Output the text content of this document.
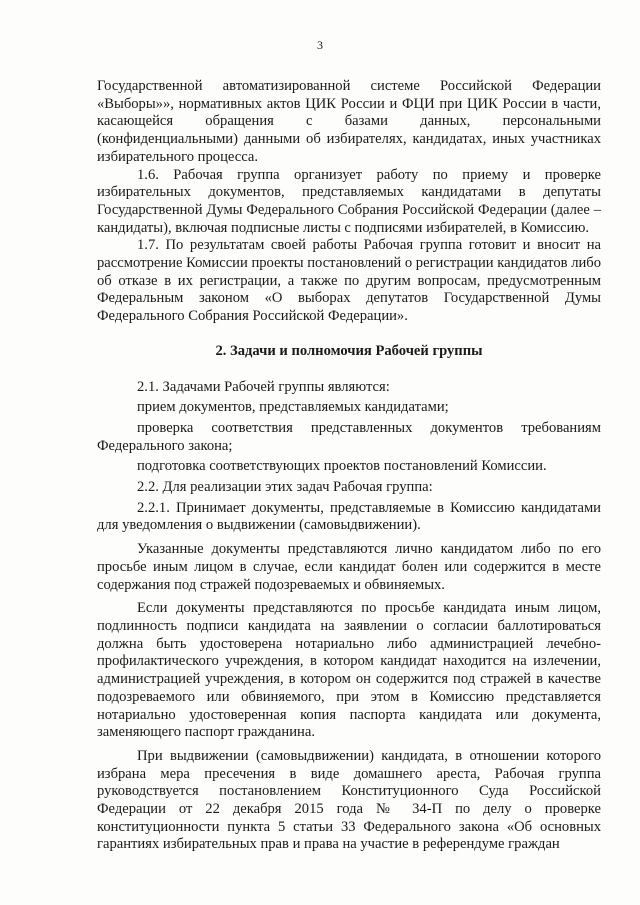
3

Государственной автоматизированной системе Российской Федерации «Выборы»», нормативных актов ЦИК России и ФЦИ при ЦИК России в части, касающейся обращения с базами данных, персональными (конфиденциальными) данными об избирателях, кандидатах, иных участниках избирательного процесса.

1.6. Рабочая группа организует работу по приему и проверке избирательных документов, представляемых кандидатами в депутаты Государственной Думы Федерального Собрания Российской Федерации (далее – кандидаты), включая подписные листы с подписями избирателей, в Комиссию.

1.7. По результатам своей работы Рабочая группа готовит и вносит на рассмотрение Комиссии проекты постановлений о регистрации кандидатов либо об отказе в их регистрации, а также по другим вопросам, предусмотренным Федеральным законом «О выборах депутатов Государственной Думы Федерального Собрания Российской Федерации».

2. Задачи и полномочия Рабочей группы

2.1. Задачами Рабочей группы являются:

прием документов, представляемых кандидатами;

проверка соответствия представленных документов требованиям Федерального закона;

подготовка соответствующих проектов постановлений Комиссии.

2.2. Для реализации этих задач Рабочая группа:

2.2.1. Принимает документы, представляемые в Комиссию кандидатами для уведомления о выдвижении (самовыдвижении).

Указанные документы представляются лично кандидатом либо по его просьбе иным лицом в случае, если кандидат болен или содержится в месте содержания под стражей подозреваемых и обвиняемых.

Если документы представляются по просьбе кандидата иным лицом, подлинность подписи кандидата на заявлении о согласии баллотироваться должна быть удостоверена нотариально либо администрацией лечебно-профилактического учреждения, в котором кандидат находится на излечении, администрацией учреждения, в котором он содержится под стражей в качестве подозреваемого или обвиняемого, при этом в Комиссию представляется нотариально удостоверенная копия паспорта кандидата или документа, заменяющего паспорт гражданина.

При выдвижении (самовыдвижении) кандидата, в отношении которого избрана мера пресечения в виде домашнего ареста, Рабочая группа руководствуется постановлением Конституционного Суда Российской Федерации от 22 декабря 2015 года № 34-П по делу о проверке конституционности пункта 5 статьи 33 Федерального закона «Об основных гарантиях избирательных прав и права на участие в референдуме граждан
